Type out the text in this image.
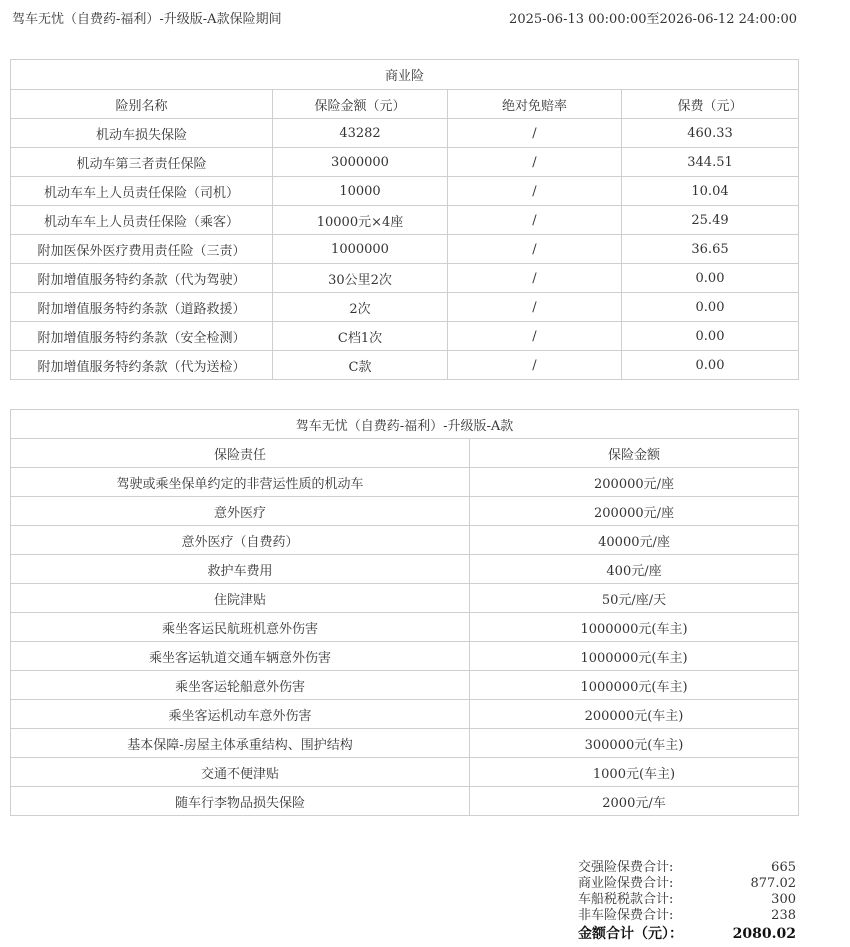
驾车无忧（自费药-福利）-升级版-A款保险期间	2025-06-13 00:00:00至2026-06-12 24:00:00
商业险			
险别名称	保险金额（元）	绝对免赔率	保费（元）
机动车损失保险	43282	/	460.33
机动车第三者责任保险	3000000	/	344.51
机动车车上人员责任保险（司机）	10000	/	10.04
机动车车上人员责任保险（乘客）	10000元×4座	/	25.49
附加医保外医疗费用责任险（三责）	1000000	/	36.65
附加增值服务特约条款（代为驾驶）	30公里2次	/	0.00
附加增值服务特约条款（道路救援）	2次	/	0.00
附加增值服务特约条款（安全检测）	C档1次	/	0.00
附加增值服务特约条款（代为送检）	C款	/	0.00
驾车无忧（自费药-福利）-升级版-A款	
保险责任	保险金额
驾驶或乘坐保单约定的非营运性质的机动车	200000元/座
意外医疗	200000元/座
意外医疗（自费药）	40000元/座
救护车费用	400元/座
住院津贴	50元/座/天
乘坐客运民航班机意外伤害	1000000元(车主)
乘坐客运轨道交通车辆意外伤害	1000000元(车主)
乘坐客运轮船意外伤害	1000000元(车主)
乘坐客运机动车意外伤害	200000元(车主)
基本保障-房屋主体承重结构、围护结构	300000元(车主)
交通不便津贴	1000元(车主)
随车行李物品损失保险	2000元/车
交强险保费合计:	665
商业险保费合计:	877.02
车船税税款合计:	300
非车险保费合计:	238
金额合计（元）：	2080.02
